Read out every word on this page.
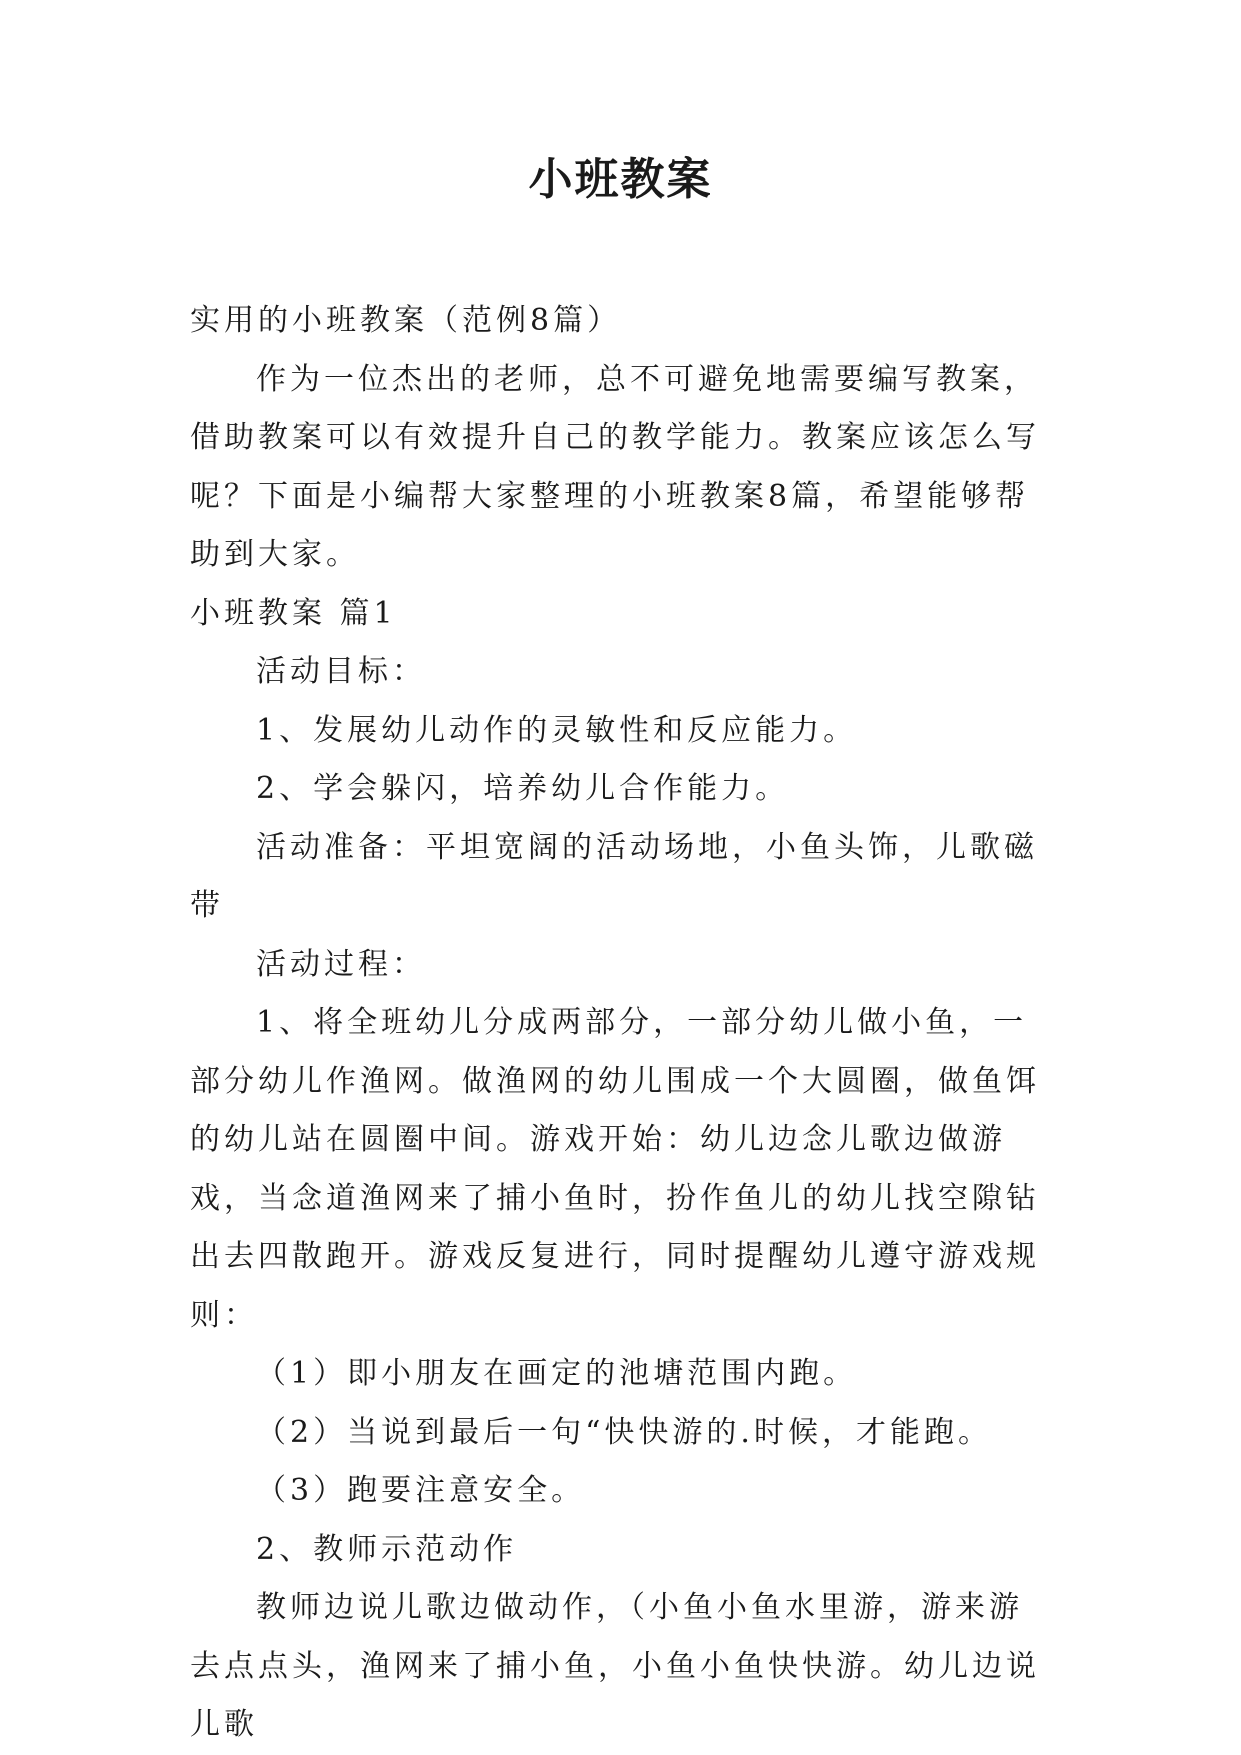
小班教案

实用的小班教案（范例8篇）

作为一位杰出的老师，总不可避免地需要编写教案，借助教案可以有效提升自己的教学能力。教案应该怎么写呢？下面是小编帮大家整理的小班教案8篇，希望能够帮助到大家。

小班教案 篇1

活动目标：

1、发展幼儿动作的灵敏性和反应能力。

2、学会躲闪，培养幼儿合作能力。

活动准备：平坦宽阔的活动场地，小鱼头饰，儿歌磁带

活动过程：

1、将全班幼儿分成两部分，一部分幼儿做小鱼，一部分幼儿作渔网。做渔网的幼儿围成一个大圆圈，做鱼饵的幼儿站在圆圈中间。游戏开始：幼儿边念儿歌边做游戏，当念道渔网来了捕小鱼时，扮作鱼儿的幼儿找空隙钻出去四散跑开。游戏反复进行，同时提醒幼儿遵守游戏规则：

（1）即小朋友在画定的池塘范围内跑。

（2）当说到最后一句“快快游的.时候，才能跑。

（3）跑要注意安全。

2、教师示范动作

教师边说儿歌边做动作，（小鱼小鱼水里游，游来游去点点头，渔网来了捕小鱼，小鱼小鱼快快游。幼儿边说儿歌
